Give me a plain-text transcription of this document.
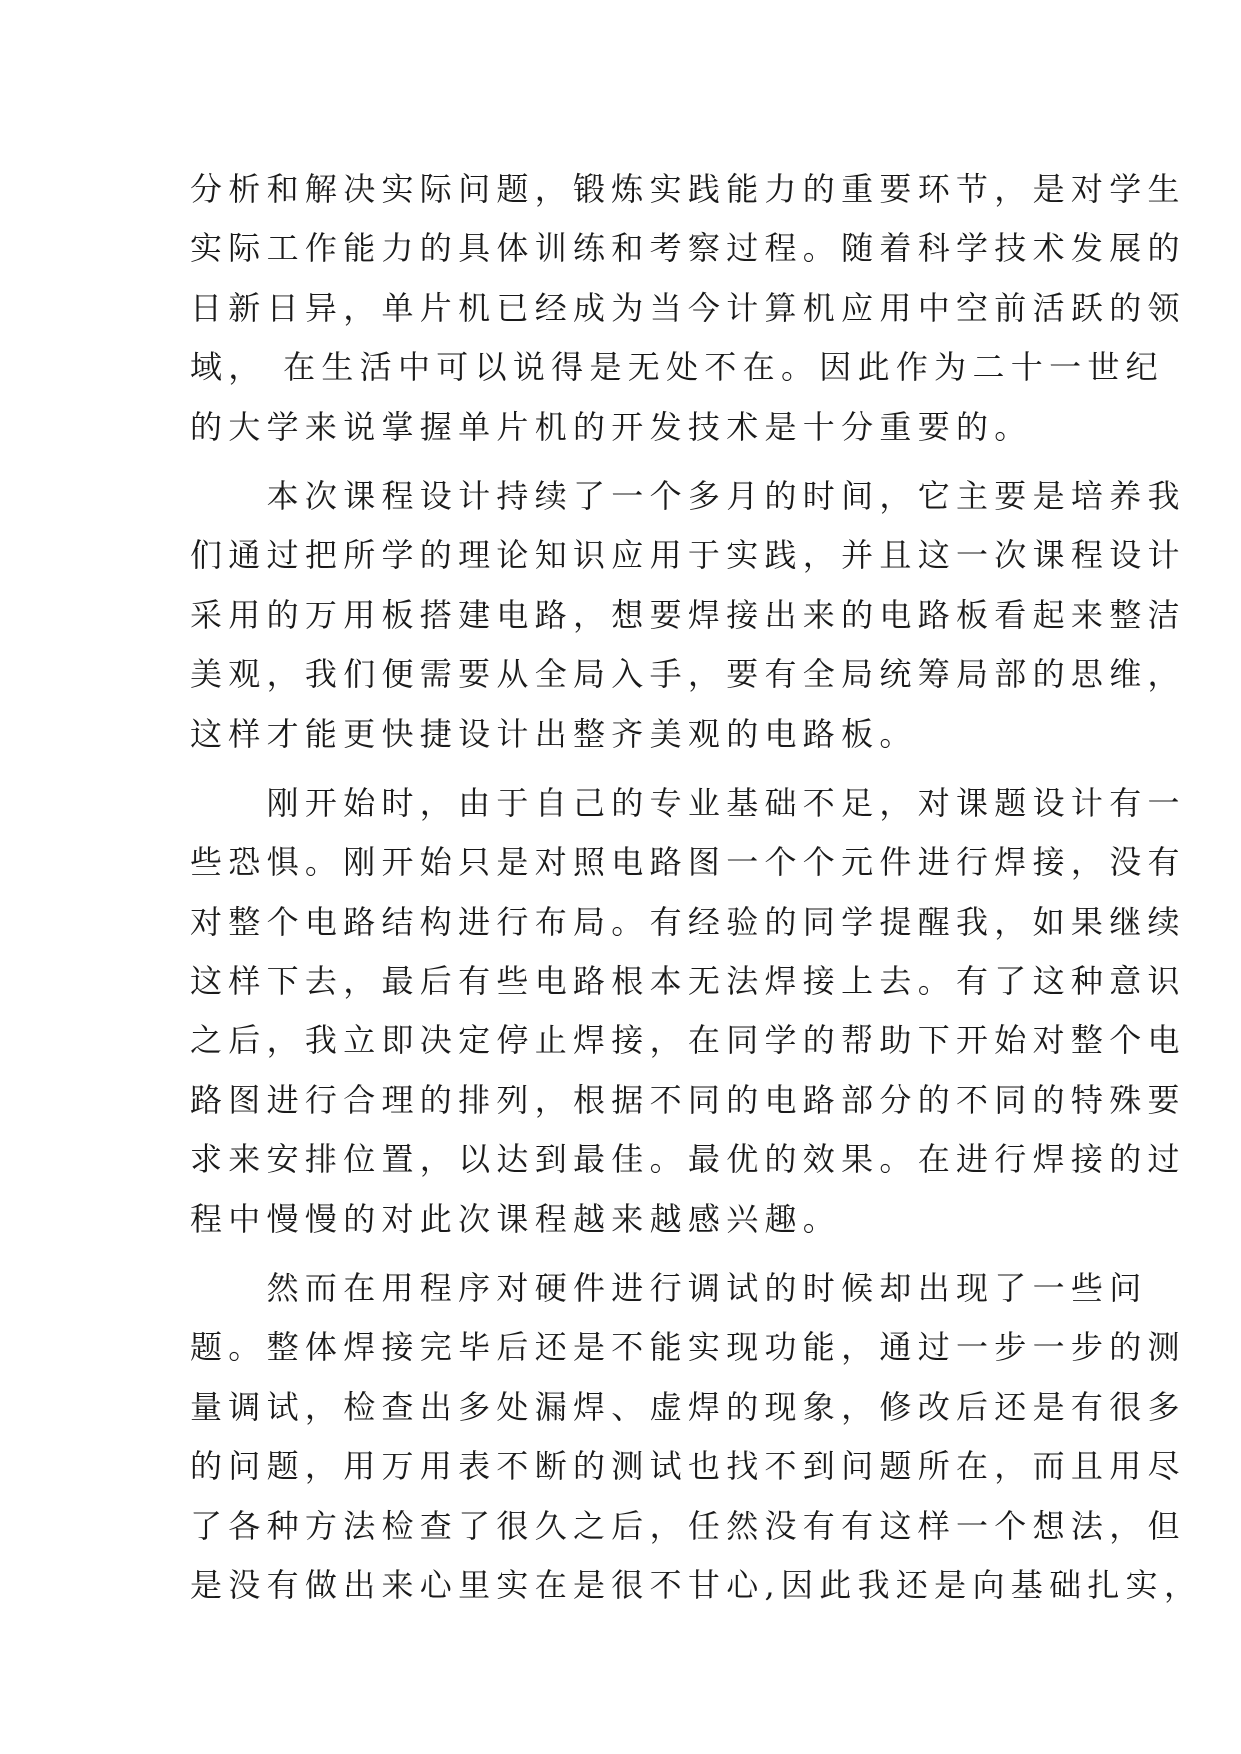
分析和解决实际问题，锻炼实践能力的重要环节，是对学生
实际工作能力的具体训练和考察过程。随着科学技术发展的
日新日异，单片机已经成为当今计算机应用中空前活跃的领
域， 在生活中可以说得是无处不在。因此作为二十一世纪
的大学来说掌握单片机的开发技术是十分重要的。
　　本次课程设计持续了一个多月的时间，它主要是培养我
们通过把所学的理论知识应用于实践，并且这一次课程设计
采用的万用板搭建电路，想要焊接出来的电路板看起来整洁
美观，我们便需要从全局入手，要有全局统筹局部的思维，
这样才能更快捷设计出整齐美观的电路板。
　　刚开始时，由于自己的专业基础不足，对课题设计有一
些恐惧。刚开始只是对照电路图一个个元件进行焊接，没有
对整个电路结构进行布局。有经验的同学提醒我，如果继续
这样下去，最后有些电路根本无法焊接上去。有了这种意识
之后，我立即决定停止焊接，在同学的帮助下开始对整个电
路图进行合理的排列，根据不同的电路部分的不同的特殊要
求来安排位置，以达到最佳。最优的效果。在进行焊接的过
程中慢慢的对此次课程越来越感兴趣。
　　然而在用程序对硬件进行调试的时候却出现了一些问
题。整体焊接完毕后还是不能实现功能，通过一步一步的测
量调试，检查出多处漏焊、虚焊的现象，修改后还是有很多
的问题，用万用表不断的测试也找不到问题所在，而且用尽
了各种方法检查了很久之后，任然没有有这样一个想法，但
是没有做出来心里实在是很不甘心,因此我还是向基础扎实，
